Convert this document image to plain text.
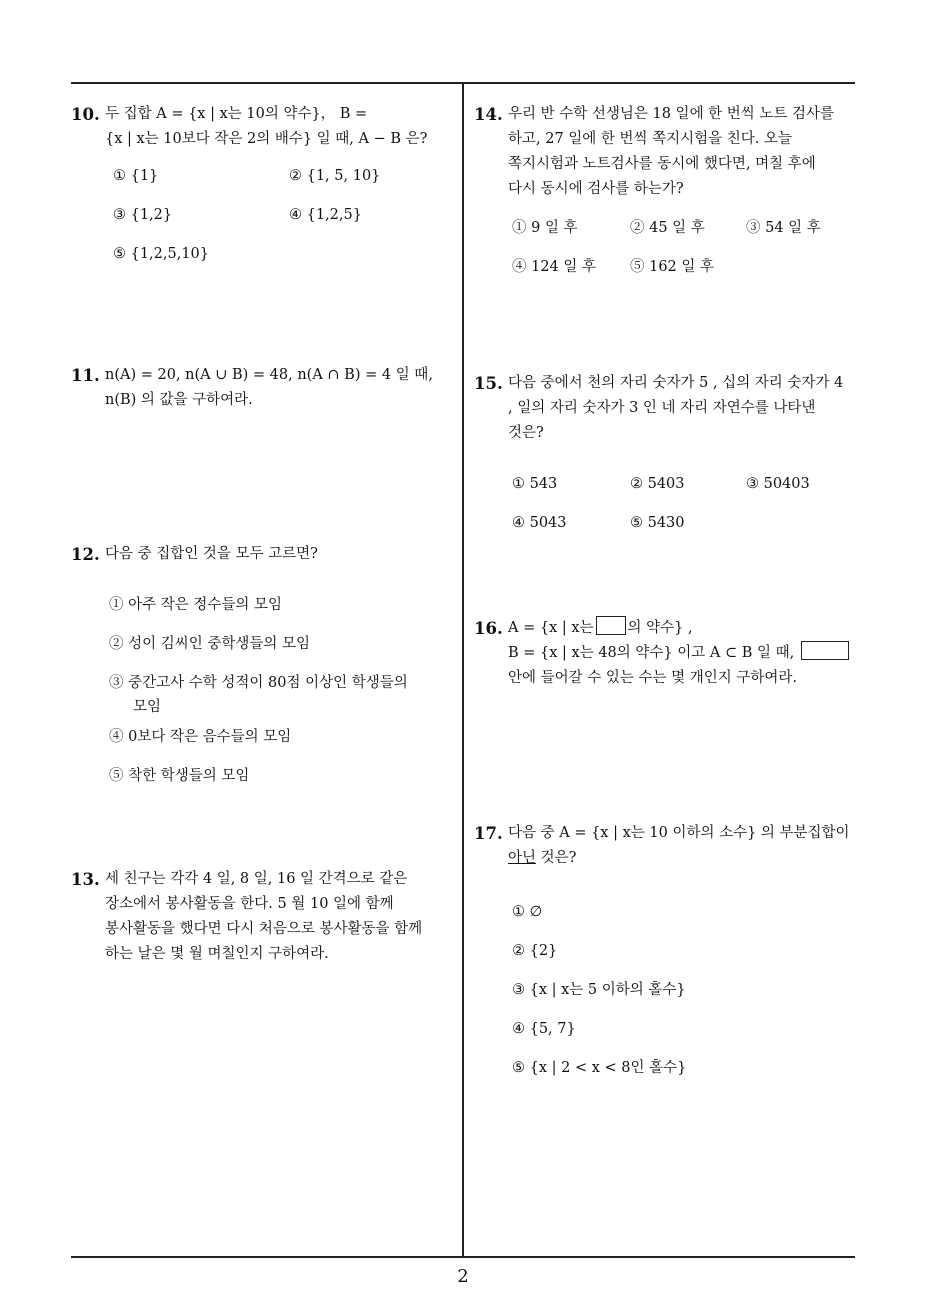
10. 두 집합 A = {x | x는 10의 약수}， B =
{x | x는 10보다 작은 2의 배수} 일 때, A − B 은?
① {1}	② {1, 5, 10}
③ {1,2}	④ {1,2,5}
⑤ {1,2,5,10}
11. n(A) = 20, n(A ∪ B) = 48, n(A ∩ B) = 4 일 때,
n(B) 의 값을 구하여라.
12. 다음 중 집합인 것을 모두 고르면?
① 아주 작은 정수들의 모임
② 성이 김씨인 중학생들의 모임
③ 중간고사 수학 성적이 80점 이상인 학생들의
모임
④ 0보다 작은 음수들의 모임
⑤ 착한 학생들의 모임
13. 세 친구는 각각 4 일, 8 일, 16 일 간격으로 같은
장소에서 봉사활동을 한다. 5 월 10 일에 함께
봉사활동을 했다면 다시 처음으로 봉사활동을 함께
하는 날은 몇 월 며칠인지 구하여라.
14. 우리 반 수학 선생님은 18 일에 한 번씩 노트 검사를
하고, 27 일에 한 번씩 쪽지시험을 친다. 오늘
쪽지시험과 노트검사를 동시에 했다면, 며칠 후에
다시 동시에 검사를 하는가?
① 9 일 후	② 45 일 후	③ 54 일 후
④ 124 일 후 ⑤ 162 일 후
15. 다음 중에서 천의 자리 숫자가 5 , 십의 자리 숫자가 4
, 일의 자리 숫자가 3 인 네 자리 자연수를 나타낸
것은?
① 543	② 5403	③ 50403
④ 5043	⑤ 5430
16. A = {x | x는 의 약수} ,
B = {x | x는 48의 약수} 이고 A ⊂ B 일 때,
안에 들어갈 수 있는 수는 몇 개인지 구하여라.
17. 다음 중 A = {x | x는 10 이하의 소수} 의 부분집합이
아닌 것은?
① ∅
② {2}
③ {x | x는 5 이하의 홀수}
④ {5, 7}
⑤ {x | 2 < x < 8인 홀수}
2
